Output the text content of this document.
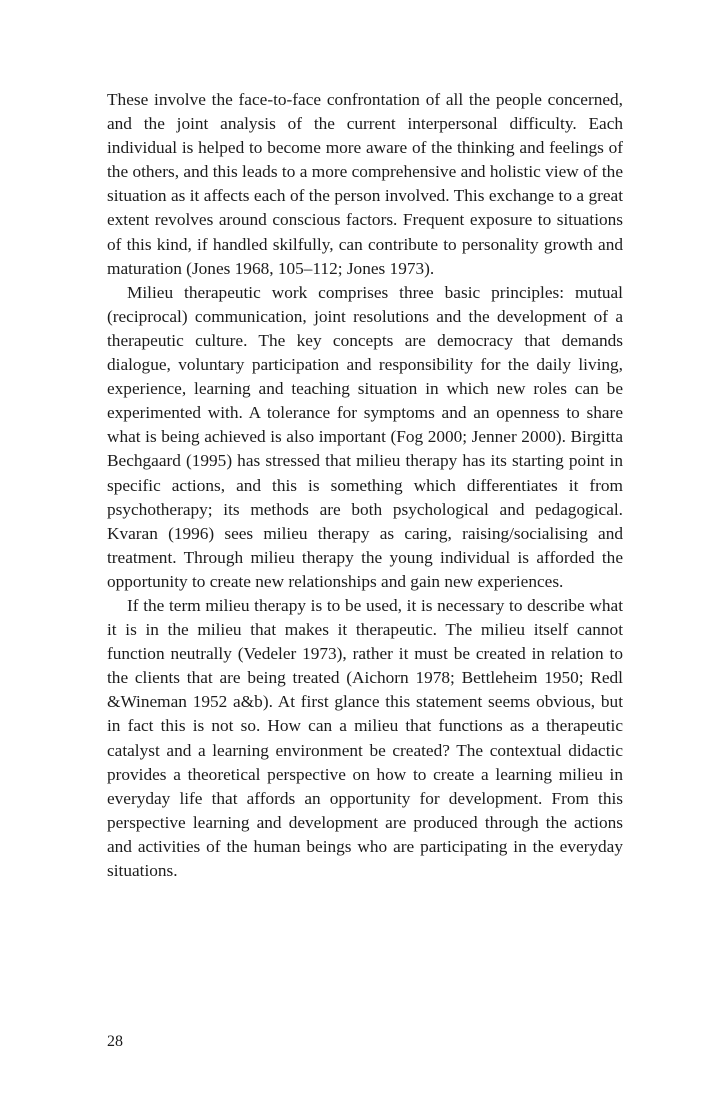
These involve the face-to-face confrontation of all the people concerned, and the joint analysis of the current interpersonal difficulty. Each individual is helped to become more aware of the thinking and feelings of the others, and this leads to a more comprehensive and holistic view of the situation as it affects each of the person involved. This exchange to a great extent revolves around conscious factors. Frequent exposure to situations of this kind, if handled skilfully, can contribute to personality growth and maturation (Jones 1968, 105–112; Jones 1973).

Milieu therapeutic work comprises three basic principles: mutual (reciprocal) communication, joint resolutions and the development of a therapeutic culture. The key concepts are democracy that demands dialogue, voluntary participation and responsibility for the daily living, experience, learning and teaching situation in which new roles can be experimented with. A tolerance for symptoms and an openness to share what is being achieved is also important (Fog 2000; Jenner 2000). Birgitta Bechgaard (1995) has stressed that milieu therapy has its starting point in specific actions, and this is something which differentiates it from psychotherapy; its methods are both psychological and pedagogical. Kvaran (1996) sees milieu therapy as caring, raising/socialising and treatment. Through milieu therapy the young individual is afforded the opportunity to create new relationships and gain new experiences.

If the term milieu therapy is to be used, it is necessary to describe what it is in the milieu that makes it therapeutic. The milieu itself cannot function neutrally (Vedeler 1973), rather it must be created in relation to the clients that are being treated (Aichorn 1978; Bettleheim 1950; Redl &Wineman 1952 a&b). At first glance this statement seems obvious, but in fact this is not so. How can a milieu that functions as a therapeutic catalyst and a learning environment be created? The contextual didactic provides a theoretical perspective on how to create a learning milieu in everyday life that affords an opportunity for development. From this perspective learning and development are produced through the actions and activities of the human beings who are participating in the everyday situations.

28
